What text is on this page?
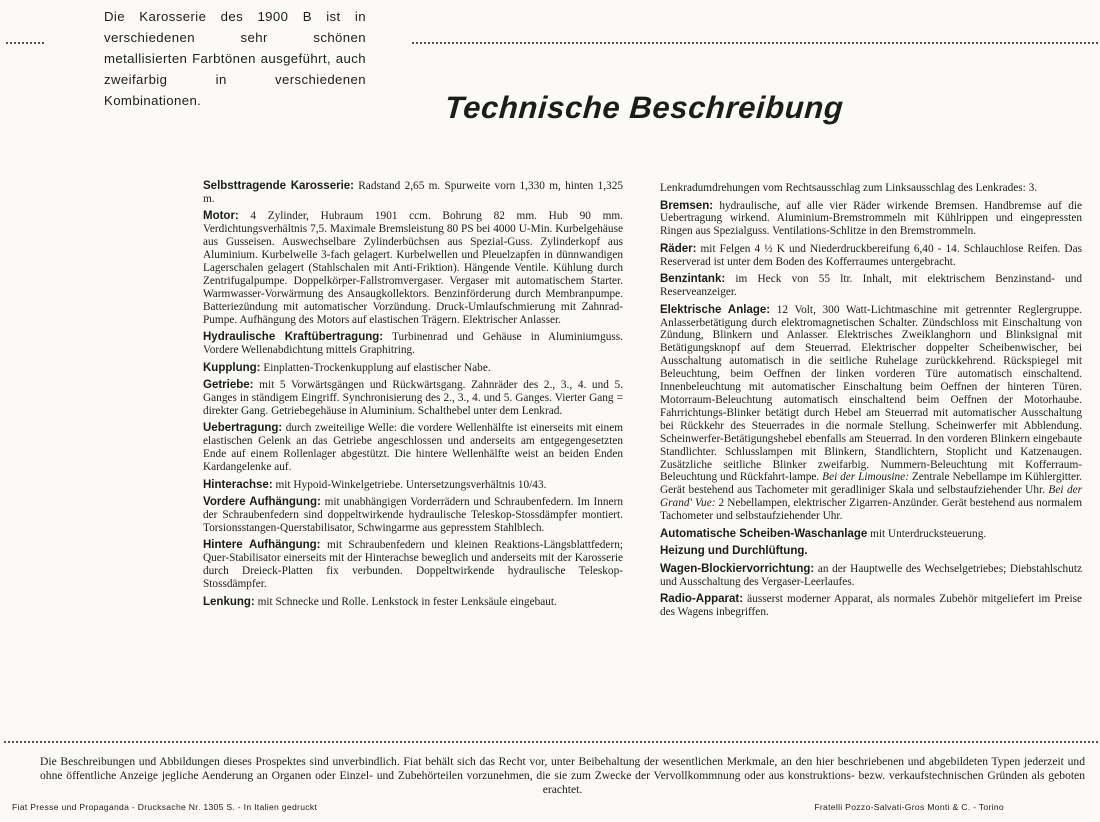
Die Karosserie des 1900 B ist in verschiedenen sehr schönen metallisierten Farbtönen ausgeführt, auch zweifarbig in verschiedenen Kombinationen.	Technische Beschreibung

Selbsttragende Karosserie: Radstand 2,65 m. Spurweite vorn 1,330 m, hinten 1,325 m.

Motor: 4 Zylinder, Hubraum 1901 ccm. Bohrung 82 mm. Hub 90 mm. Verdichtungsverhältnis 7,5. Maximale Bremsleistung 80 PS bei 4000 U-Min. Kurbelgehäuse aus Gusseisen. Auswechselbare Zylinderbüchsen aus Spezial-Guss. Zylinderkopf aus Aluminium. Kurbelwelle 3-fach gelagert. Kurbelwellen und Pleuelzapfen in dünnwandigen Lagerschalen gelagert (Stahlschalen mit Anti-Friktion). Hängende Ventile. Kühlung durch Zentrifugalpumpe. Doppelkörper-Fallstromvergaser. Vergaser mit automatischem Starter. Warmwasser-Vorwärmung des Ansaugkollektors. Benzinförderung durch Membranpumpe. Batteriezündung mit automatischer Vorzündung. Druck-Umlaufschmierung mit Zahnrad-Pumpe. Aufhängung des Motors auf elastischen Trägern. Elektrischer Anlasser.

Hydraulische Kraftübertragung: Turbinenrad und Gehäuse in Aluminiumguss. Vordere Wellenabdichtung mittels Graphitring.

Kupplung: Einplatten-Trockenkupplung auf elastischer Nabe.

Getriebe: mit 5 Vorwärtsgängen und Rückwärtsgang. Zahnräder des 2., 3., 4. und 5. Ganges in ständigem Eingriff. Synchronisierung des 2., 3., 4. und 5. Ganges. Vierter Gang = direkter Gang. Getriebegehäuse in Aluminium. Schalthebel unter dem Lenkrad.

Uebertragung: durch zweiteilige Welle: die vordere Wellenhälfte ist einerseits mit einem elastischen Gelenk an das Getriebe angeschlossen und anderseits am entgegengesetzten Ende auf einem Rollenlager abgestützt. Die hintere Wellenhälfte weist an beiden Enden Kardangelenke auf.

Hinterachse: mit Hypoid-Winkelgetriebe. Untersetzungsverhältnis 10/43.

Vordere Aufhängung: mit unabhängigen Vorderrädern und Schraubenfedern. Im Innern der Schraubenfedern sind doppeltwirkende hydraulische Teleskop-Stossdämpfer montiert. Torsionsstangen-Querstabilisator, Schwingarme aus gepresstem Stahlblech.

Hintere Aufhängung: mit Schraubenfedern und kleinen Reaktions-Längsblattfedern; Quer-Stabilisator einerseits mit der Hinterachse beweglich und anderseits mit der Karosserie durch Dreieck-Platten fix verbunden. Doppeltwirkende hydraulische Teleskop-Stossdämpfer.

Lenkung: mit Schnecke und Rolle. Lenkstock in fester Lenksäule eingebaut.

Lenkradumdrehungen vom Rechtsausschlag zum Linksausschlag des Lenkrades: 3.

Bremsen: hydraulische, auf alle vier Räder wirkende Bremsen. Handbremse auf die Uebertragung wirkend. Aluminium-Bremstrommeln mit Kühlrippen und eingepressten Ringen aus Spezialguss. Ventilations-Schlitze in den Bremstrommeln.

Räder: mit Felgen 4 ½ K und Niederdruckbereifung 6,40 - 14. Schlauchlose Reifen. Das Reserverad ist unter dem Boden des Kofferraumes untergebracht.

Benzintank: im Heck von 55 ltr. Inhalt, mit elektrischem Benzinstand- und Reserveanzeiger.

Elektrische Anlage: 12 Volt, 300 Watt-Lichtmaschine mit getrennter Reglergruppe. Anlasserbetätigung durch elektromagnetischen Schalter. Zündschloss mit Einschaltung von Zündung, Blinkern und Anlasser. Elektrisches Zweiklanghorn und Blinksignal mit Betätigungsknopf auf dem Steuerrad. Elektrischer doppelter Scheibenwischer, bei Ausschaltung automatisch in die seitliche Ruhelage zurückkehrend. Rückspiegel mit Beleuchtung, beim Oeffnen der linken vorderen Türe automatisch einschaltend. Innenbeleuchtung mit automatischer Einschaltung beim Oeffnen der hinteren Türen. Motorraum-Beleuchtung automatisch einschaltend beim Oeffnen der Motorhaube. Fahrrichtungs-Blinker betätigt durch Hebel am Steuerrad mit automatischer Ausschaltung bei Rückkehr des Steuerrades in die normale Stellung. Scheinwerfer mit Abblendung. Scheinwerfer-Betätigungshebel ebenfalls am Steuerrad. In den vorderen Blinkern eingebaute Standlichter. Schlusslampen mit Blinkern, Standlichtern, Stoplicht und Katzenaugen. Zusätzliche seitliche Blinker zweifarbig. Nummern-Beleuchtung mit Kofferraum-Beleuchtung und Rückfahrt-lampe. Bei der Limousine: Zentrale Nebellampe im Kühlergitter. Gerät bestehend aus Tachometer mit geradliniger Skala und selbstaufziehender Uhr. Bei der Grand' Vue: 2 Nebellampen, elektrischer Zigarren-Anzünder. Gerät bestehend aus normalem Tachometer und selbstaufziehender Uhr.

Automatische Scheiben-Waschanlage mit Unterdrucksteuerung.

Heizung und Durchlüftung.

Wagen-Blockiervorrichtung: an der Hauptwelle des Wechselgetriebes; Diebstahlschutz und Ausschaltung des Vergaser-Leerlaufes.

Radio-Apparat: äusserst moderner Apparat, als normales Zubehör mitgeliefert im Preise des Wagens inbegriffen.

Die Beschreibungen und Abbildungen dieses Prospektes sind unverbindlich. Fiat behält sich das Recht vor, unter Beibehaltung der wesentlichen Merkmale, an den hier beschriebenen und abgebildeten Typen jederzeit und ohne öffentliche Anzeige jegliche Aenderung an Organen oder Einzel- und Zubehörteilen vorzunehmen, die sie zum Zwecke der Vervollkommnung oder aus konstruktions- bezw. verkaufstechnischen Gründen als geboten erachtet.
Fiat Presse und Propaganda - Drucksache Nr. 1305 S. - In Italien gedruckt	Fratelli Pozzo-Salvati-Gros Monti & C. - Torino
